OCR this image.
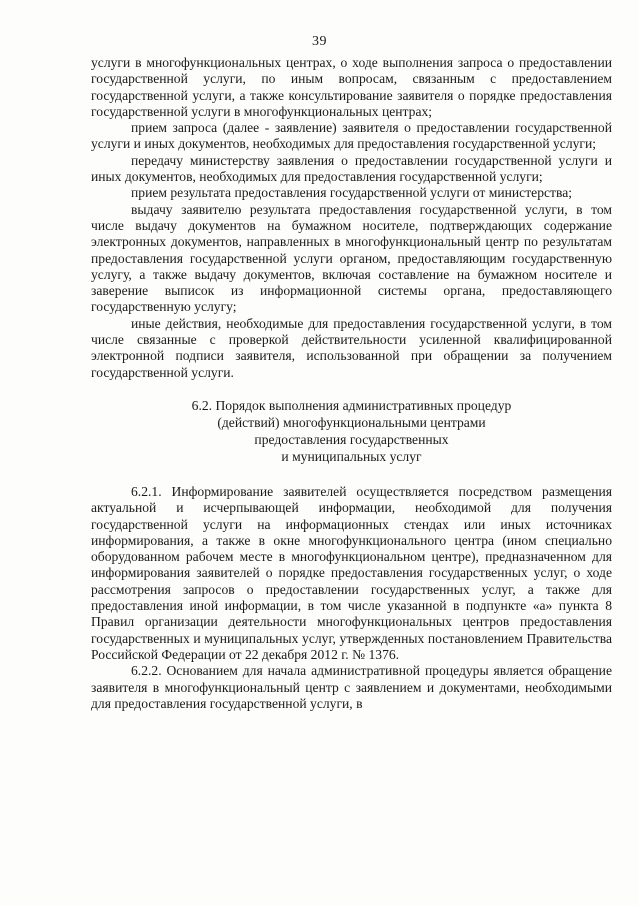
39

услуги в многофункциональных центрах, о ходе выполнения запроса о предоставлении государственной услуги, по иным вопросам, связанным с предоставлением государственной услуги, а также консультирование заявителя о порядке предоставления государственной услуги в многофункциональных центрах;

прием запроса (далее - заявление) заявителя о предоставлении государственной услуги и иных документов, необходимых для предоставления государственной услуги;

передачу министерству заявления о предоставлении государственной услуги и иных документов, необходимых для предоставления государственной услуги;

прием результата предоставления государственной услуги от министерства;

выдачу заявителю результата предоставления государственной услуги, в том числе выдачу документов на бумажном носителе, подтверждающих содержание электронных документов, направленных в многофункциональный центр по результатам предоставления государственной услуги органом, предоставляющим государственную услугу, а также выдачу документов, включая составление на бумажном носителе и заверение выписок из информационной системы органа, предоставляющего государственную услугу;

иные действия, необходимые для предоставления государственной услуги, в том числе связанные с проверкой действительности усиленной квалифицированной электронной подписи заявителя, использованной при обращении за получением государственной услуги.

6.2. Порядок выполнения административных процедур
(действий) многофункциональными центрами
предоставления государственных
и муниципальных услуг

6.2.1. Информирование заявителей осуществляется посредством размещения актуальной и исчерпывающей информации, необходимой для получения государственной услуги на информационных стендах или иных источниках информирования, а также в окне многофункционального центра (ином специально оборудованном рабочем месте в многофункциональном центре), предназначенном для информирования заявителей о порядке предоставления государственных услуг, о ходе рассмотрения запросов о предоставлении государственных услуг, а также для предоставления иной информации, в том числе указанной в подпункте «а» пункта 8 Правил организации деятельности многофункциональных центров предоставления государственных и муниципальных услуг, утвержденных постановлением Правительства Российской Федерации от 22 декабря 2012 г. № 1376.

6.2.2. Основанием для начала административной процедуры является обращение заявителя в многофункциональный центр с заявлением и документами, необходимыми для предоставления государственной услуги, в
